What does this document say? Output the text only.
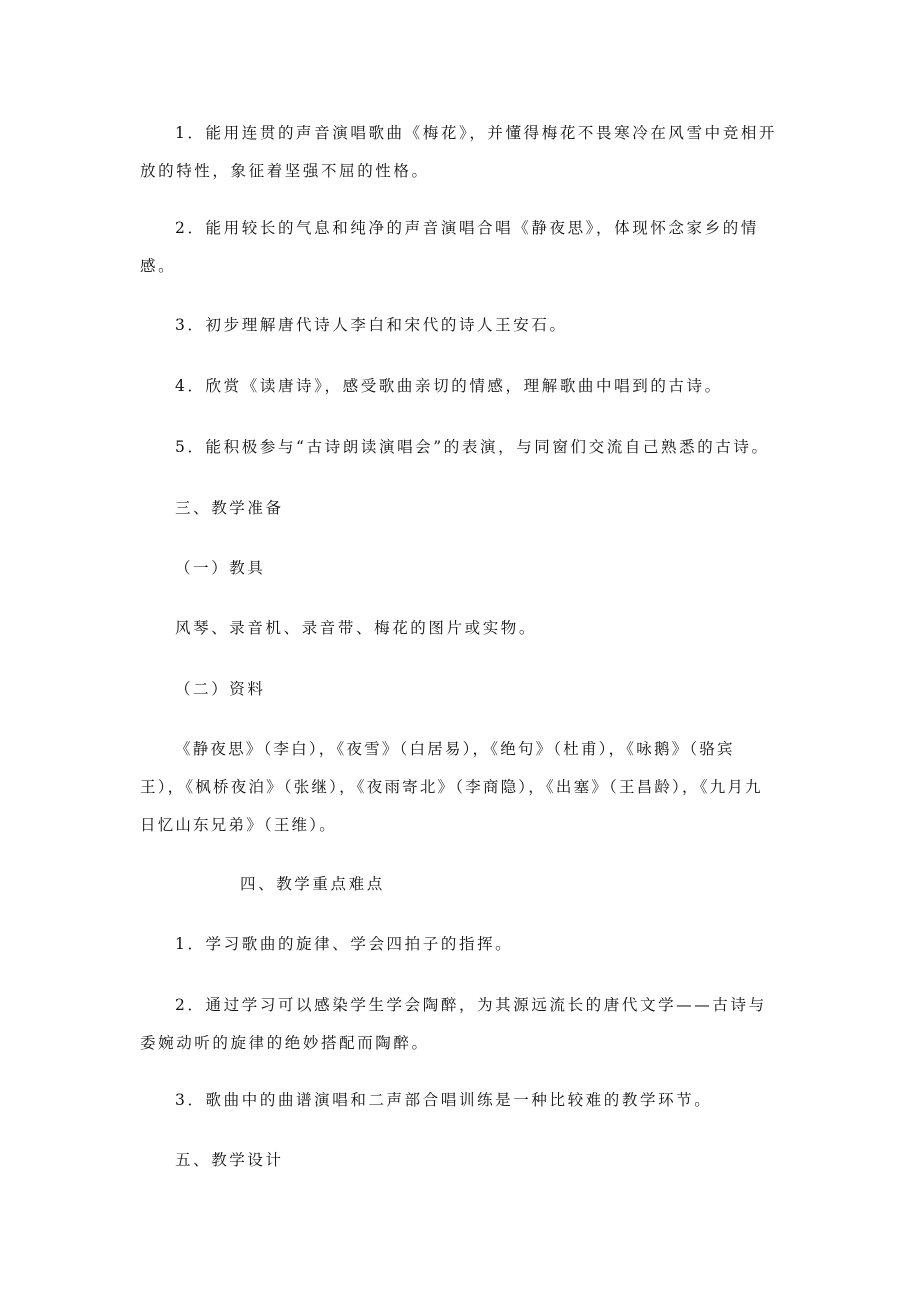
1．能用连贯的声音演唱歌曲《梅花》，并懂得梅花不畏寒冷在风雪中竞相开放的特性，象征着坚强不屈的性格。

2．能用较长的气息和纯净的声音演唱合唱《静夜思》，体现怀念家乡的情感。

3．初步理解唐代诗人李白和宋代的诗人王安石。

4．欣赏《读唐诗》，感受歌曲亲切的情感，理解歌曲中唱到的古诗。

5．能积极参与“古诗朗读演唱会”的表演，与同窗们交流自己熟悉的古诗。

三、教学准备

（一）教具

风琴、录音机、录音带、梅花的图片或实物。

（二）资料

《静夜思》（李白），《夜雪》（白居易），《绝句》（杜甫），《咏鹅》（骆宾王），《枫桥夜泊》（张继），《夜雨寄北》（李商隐），《出塞》（王昌龄），《九月九日忆山东兄弟》（王维）。

四、教学重点难点

1．学习歌曲的旋律、学会四拍子的指挥。

2．通过学习可以感染学生学会陶醉，为其源远流长的唐代文学——古诗与委婉动听的旋律的绝妙搭配而陶醉。

3．歌曲中的曲谱演唱和二声部合唱训练是一种比较难的教学环节。

五、教学设计
